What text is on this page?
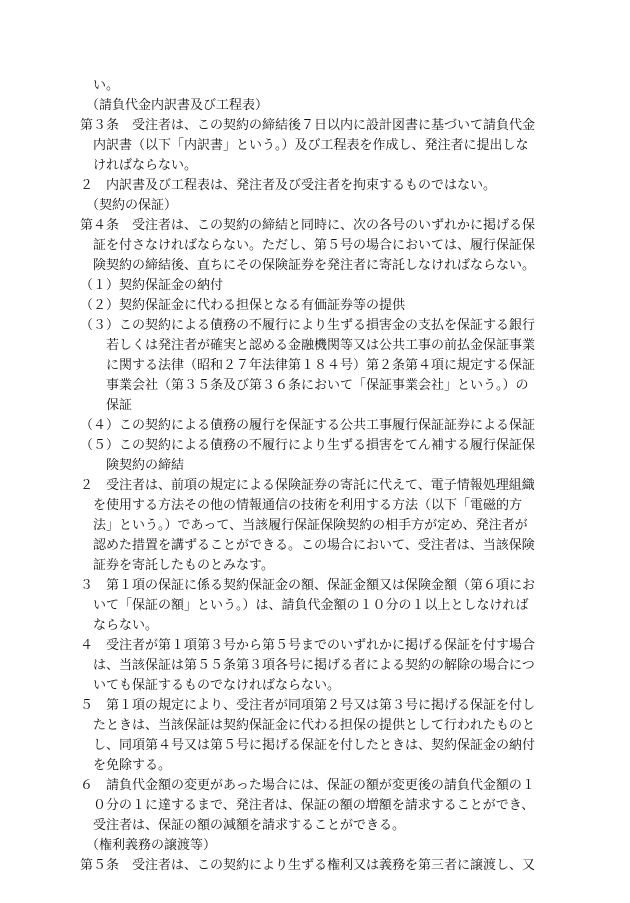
い。
（請負代金内訳書及び工程表）
第３条　受注者は、この契約の締結後７日以内に設計図書に基づいて請負代金
内訳書（以下「内訳書」という。）及び工程表を作成し、発注者に提出しな
ければならない。
２　内訳書及び工程表は、発注者及び受注者を拘束するものではない。
（契約の保証）
第４条　受注者は、この契約の締結と同時に、次の各号のいずれかに掲げる保
証を付さなければならない。ただし、第５号の場合においては、履行保証保
険契約の締結後、直ちにその保険証券を発注者に寄託しなければならない。
（１）契約保証金の納付
（２）契約保証金に代わる担保となる有価証券等の提供
（３）この契約による債務の不履行により生ずる損害金の支払を保証する銀行
若しくは発注者が確実と認める金融機関等又は公共工事の前払金保証事業
に関する法律（昭和２７年法律第１８４号）第２条第４項に規定する保証
事業会社（第３５条及び第３６条において「保証事業会社」という。）の
保証
（４）この契約による債務の履行を保証する公共工事履行保証証券による保証
（５）この契約による債務の不履行により生ずる損害をてん補する履行保証保
険契約の締結
２　受注者は、前項の規定による保険証券の寄託に代えて、電子情報処理組織
を使用する方法その他の情報通信の技術を利用する方法（以下「電磁的方
法」という。）であって、当該履行保証保険契約の相手方が定め、発注者が
認めた措置を講ずることができる。この場合において、受注者は、当該保険
証券を寄託したものとみなす。
３　第１項の保証に係る契約保証金の額、保証金額又は保険金額（第６項にお
いて「保証の額」という。）は、請負代金額の１０分の１以上としなければ
ならない。
４　受注者が第１項第３号から第５号までのいずれかに掲げる保証を付す場合
は、当該保証は第５５条第３項各号に掲げる者による契約の解除の場合につ
いても保証するものでなければならない。
５　第１項の規定により、受注者が同項第２号又は第３号に掲げる保証を付し
たときは、当該保証は契約保証金に代わる担保の提供として行われたものと
し、同項第４号又は第５号に掲げる保証を付したときは、契約保証金の納付
を免除する。
６　請負代金額の変更があった場合には、保証の額が変更後の請負代金額の１
０分の１に達するまで、発注者は、保証の額の増額を請求することができ、
受注者は、保証の額の減額を請求することができる。
（権利義務の譲渡等）
第５条　受注者は、この契約により生ずる権利又は義務を第三者に譲渡し、又
